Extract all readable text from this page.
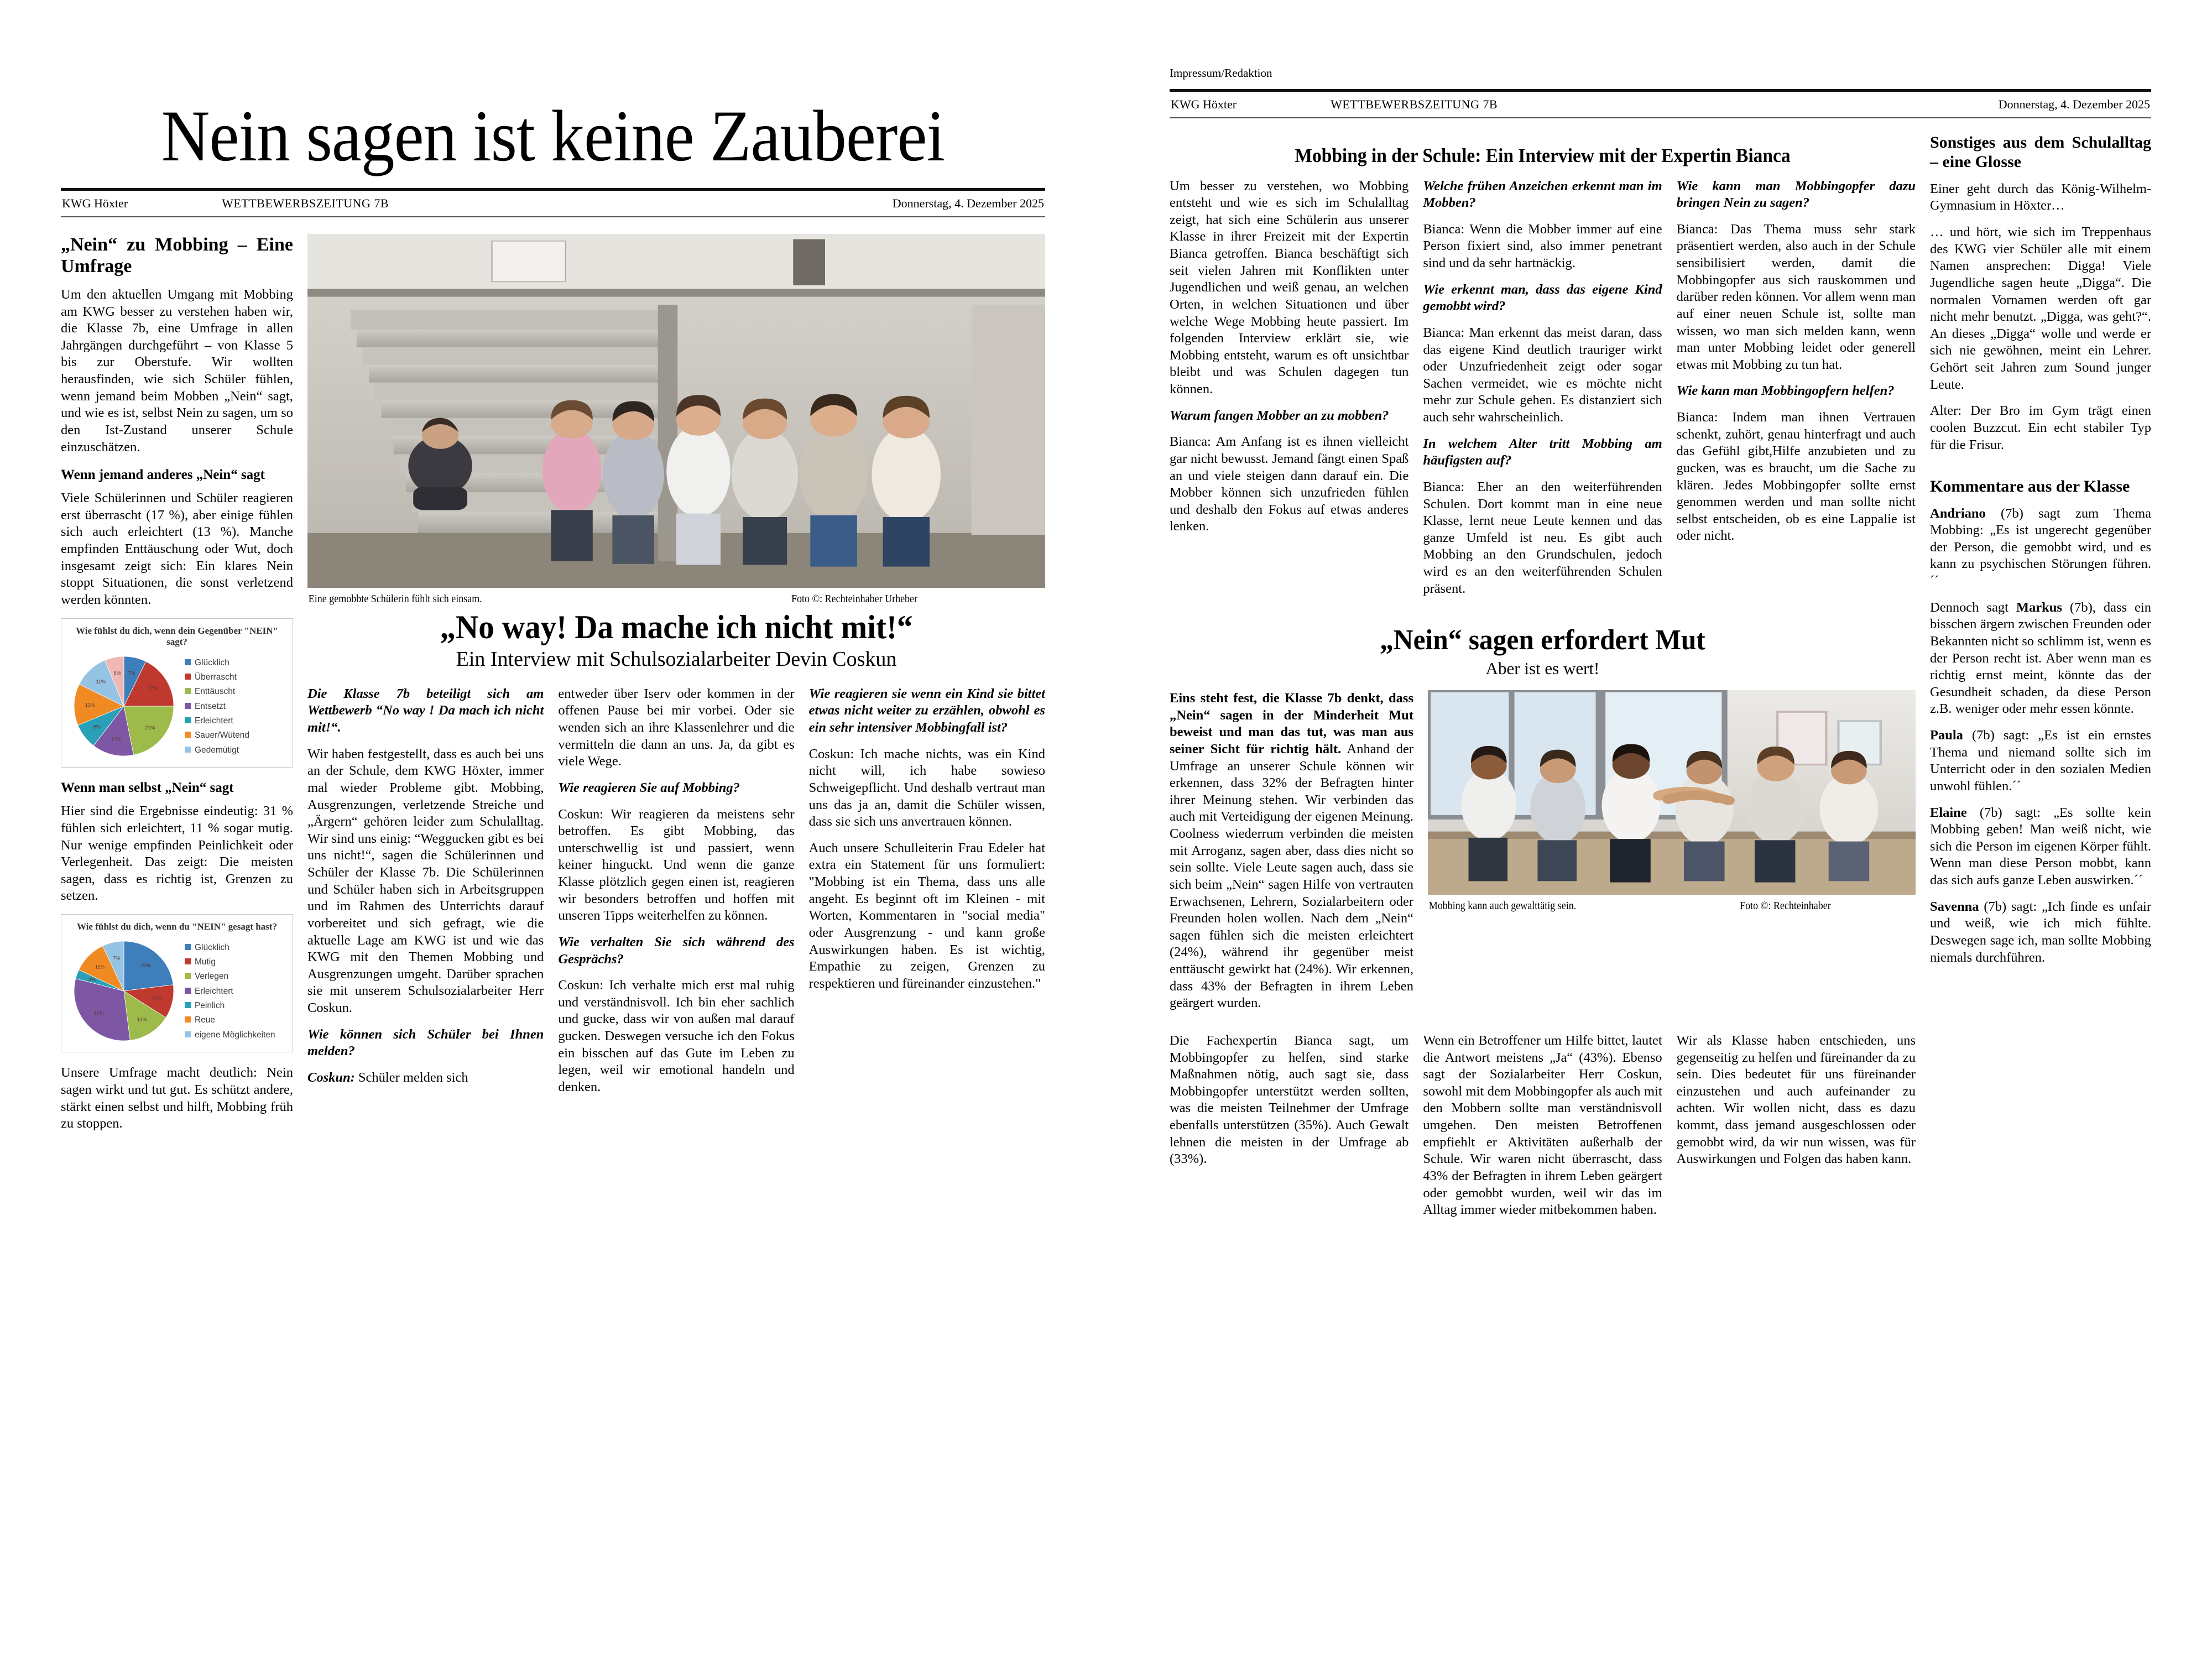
Nein sagen ist keine Zauberei
KWG Höxter	WETTBEWERBSZEITUNG 7B	Donnerstag, 4. Dezember 2025
„Nein“ zu Mobbing – Eine Umfrage

Um den aktuellen Umgang mit Mobbing am KWG besser zu verstehen haben wir, die Klasse 7b, eine Umfrage in allen Jahrgängen durchgeführt – von Klasse 5 bis zur Oberstufe. Wir wollten herausfinden, wie sich Schüler fühlen, wenn jemand beim Mobben „Nein“ sagt, und wie es ist, selbst Nein zu sagen, um so den Ist-Zustand unserer Schule einzuschätzen.

Wenn jemand anderes „Nein“ sagt

Viele Schülerinnen und Schüler reagieren erst überrascht (17 %), aber einige fühlen sich auch erleichtert (13 %). Manche empfinden Enttäuschung oder Wut, doch insgesamt zeigt sich: Ein klares Nein stoppt Situationen, die sonst verletzend werden könnten.

Wie fühlst du dich, wenn dein Gegenüber "NEIN" sagt?
7%
17%
21%
13%
8%
13%
11%
6%
Glücklich
Überrascht
Enttäuscht
Entsetzt
Erleichtert
Sauer/Wütend
Gedemütigt
Wenn man selbst „Nein“ sagt

Hier sind die Ergebnisse eindeutig: 31 % fühlen sich erleichtert, 11 % sogar mutig. Nur wenige empfinden Peinlichkeit oder Verlegenheit. Das zeigt: Die meisten sagen, dass es richtig ist, Grenzen zu setzen.

Wie fühlst du dich, wenn du "NEIN" gesagt hast?
23%
11%
14%
31%
3%
11%
7%
Glücklich
Mutig
Verlegen
Erleichtert
Peinlich
Reue
eigene Möglichkeiten

Unsere Umfrage macht deutlich: Nein sagen wirkt und tut gut. Es schützt andere, stärkt einen selbst und hilft, Mobbing früh zu stoppen.

Eine gemobbte Schülerin fühlt sich einsam.	Foto ©: Rechteinhaber Urheber
„No way! Da mache ich nicht mit!“
Ein Interview mit Schulsozialarbeiter Devin Coskun

Die Klasse 7b beteiligt sich am Wettbewerb “No way ! Da mach ich nicht mit!“.

Wir haben festgestellt, dass es auch bei uns an der Schule, dem KWG Höxter, immer mal wieder Probleme gibt. Mobbing, Ausgrenzungen, verletzende Streiche und „Ärgern“ gehören leider zum Schulalltag. Wir sind uns einig: “Weggucken gibt es bei uns nicht!“, sagen die Schülerinnen und Schüler der Klasse 7b. Die Schülerinnen und Schüler haben sich in Arbeitsgruppen und im Rahmen des Unterrichts darauf vorbereitet und sich gefragt, wie die aktuelle Lage am KWG ist und wie das KWG mit den Themen Mobbing und Ausgrenzungen umgeht. Darüber sprachen sie mit unserem Schulsozialarbeiter Herr Coskun.

Wie können sich Schüler bei Ihnen melden?

Coskun: Schüler melden sich

entweder über Iserv oder kommen in der offenen Pause bei mir vorbei. Oder sie wenden sich an ihre Klassenlehrer und die vermitteln die dann an uns. Ja, da gibt es viele Wege.

Wie reagieren Sie auf Mobbing?

Coskun: Wir reagieren da meistens sehr betroffen. Es gibt Mobbing, das unterschwellig ist und passiert, wenn keiner hinguckt. Und wenn die ganze Klasse plötzlich gegen einen ist, reagieren wir besonders betroffen und hoffen mit unseren Tipps weiterhelfen zu können.

Wie verhalten Sie sich während des Gesprächs?

Coskun: Ich verhalte mich erst mal ruhig und verständnisvoll. Ich bin eher sachlich und gucke, dass wir von außen mal darauf gucken. Deswegen versuche ich den Fokus ein bisschen auf das Gute im Leben zu legen, weil wir emotional handeln und denken.

Wie reagieren sie wenn ein Kind sie bittet etwas nicht weiter zu erzählen, obwohl es ein sehr intensiver Mobbingfall ist?

Coskun: Ich mache nichts, was ein Kind nicht will, ich habe sowieso Schweigepflicht. Und deshalb vertraut man uns das ja an, damit die Schüler wissen, dass sie sich uns anvertrauen können.

Auch unsere Schulleiterin Frau Edeler hat extra ein Statement für uns formuliert: "Mobbing ist ein Thema, dass uns alle angeht. Es beginnt oft im Kleinen - mit Worten, Kommentaren in "social media" oder Ausgrenzung - und kann große Auswirkungen haben. Es ist wichtig, Empathie zu zeigen, Grenzen zu respektieren und füreinander einzustehen."

Impressum/Redaktion
KWG Höxter	WETTBEWERBSZEITUNG 7B	Donnerstag, 4. Dezember 2025
Mobbing in der Schule: Ein Interview mit der Expertin Bianca

Um besser zu verstehen, wo Mobbing entsteht und wie es sich im Schulalltag zeigt, hat sich eine Schülerin aus unserer Klasse in ihrer Freizeit mit der Expertin Bianca getroffen. Bianca beschäftigt sich seit vielen Jahren mit Konflikten unter Jugendlichen und weiß genau, an welchen Orten, in welchen Situationen und über welche Wege Mobbing heute passiert. Im folgenden Interview erklärt sie, wie Mobbing entsteht, warum es oft unsichtbar bleibt und was Schulen dagegen tun können.

Warum fangen Mobber an zu mobben?

Bianca: Am Anfang ist es ihnen vielleicht gar nicht bewusst. Jemand fängt einen Spaß an und viele steigen dann darauf ein. Die Mobber können sich unzufrieden fühlen und deshalb den Fokus auf etwas anderes lenken.

Welche frühen Anzeichen erkennt man im Mobben?

Bianca: Wenn die Mobber immer auf eine Person fixiert sind, also immer penetrant sind und da sehr hartnäckig.

Wie erkennt man, dass das eigene Kind gemobbt wird?

Bianca: Man erkennt das meist daran, dass das eigene Kind deutlich trauriger wirkt oder Unzufriedenheit zeigt oder sogar Sachen vermeidet, wie es möchte nicht mehr zur Schule gehen. Es distanziert sich auch sehr wahrscheinlich.

In welchem Alter tritt Mobbing am häufigsten auf?

Bianca: Eher an den weiterführenden Schulen. Dort kommt man in eine neue Klasse, lernt neue Leute kennen und das ganze Umfeld ist neu. Es gibt auch Mobbing an den Grundschulen, jedoch wird es an den weiterführenden Schulen präsent.

Wie kann man Mobbingopfer dazu bringen Nein zu sagen?

Bianca: Das Thema muss sehr stark präsentiert werden, also auch in der Schule sensibilisiert werden, damit die Mobbingopfer aus sich rauskommen und darüber reden können. Vor allem wenn man auf einer neuen Schule ist, sollte man wissen, wo man sich melden kann, wenn man unter Mobbing leidet oder generell etwas mit Mobbing zu tun hat.

Wie kann man Mobbingopfern helfen?

Bianca: Indem man ihnen Vertrauen schenkt, zuhört, genau hinterfragt und auch das Gefühl gibt,Hilfe anzubieten und zu gucken, was es braucht, um die Sache zu klären. Jedes Mobbingopfer sollte ernst genommen werden und man sollte nicht selbst entscheiden, ob es eine Lappalie ist oder nicht.

„Nein“ sagen erfordert Mut
Aber ist es wert!

Eins steht fest, die Klasse 7b denkt, dass „Nein“ sagen in der Minderheit Mut beweist und man das tut, was man aus seiner Sicht für richtig hält. Anhand der Umfrage an unserer Schule können wir erkennen, dass 32% der Befragten hinter ihrer Meinung stehen. Wir verbinden das auch mit Verteidigung der eigenen Meinung. Coolness wiederrum verbinden die meisten mit Arroganz, sagen aber, dass dies nicht so sein sollte. Viele Leute sagen auch, dass sie sich beim „Nein“ sagen Hilfe von vertrauten Erwachsenen, Lehrern, Sozialarbeitern oder Freunden holen wollen. Nach dem „Nein“ sagen fühlen sich die meisten erleichtert (24%), während ihr gegenüber meist enttäuscht gewirkt hat (24%). Wir erkennen, dass 43% der Befragten in ihrem Leben geärgert wurden.

Mobbing kann auch gewalttätig sein.	Foto ©: Rechteinhaber

Die Fachexpertin Bianca sagt, um Mobbingopfer zu helfen, sind starke Maßnahmen nötig, auch sagt sie, dass Mobbingopfer unterstützt werden sollten, was die meisten Teilnehmer der Umfrage ebenfalls unterstützen (35%). Auch Gewalt lehnen die meisten in der Umfrage ab (33%).

Wenn ein Betroffener um Hilfe bittet, lautet die Antwort meistens „Ja“ (43%). Ebenso sagt der Sozialarbeiter Herr Coskun, sowohl mit dem Mobbingopfer als auch mit den Mobbern sollte man verständnisvoll umgehen. Den meisten Betroffenen empfiehlt er Aktivitäten außerhalb der Schule. Wir waren nicht überrascht, dass 43% der Befragten in ihrem Leben geärgert oder gemobbt wurden, weil wir das im Alltag immer wieder mitbekommen haben.

Wir als Klasse haben entschieden, uns gegenseitig zu helfen und füreinander da zu sein. Dies bedeutet für uns füreinander einzustehen und auch aufeinander zu achten. Wir wollen nicht, dass es dazu kommt, dass jemand ausgeschlossen oder gemobbt wird, da wir nun wissen, was für Auswirkungen und Folgen das haben kann.

Sonstiges aus dem Schulalltag – eine Glosse

Einer geht durch das König-Wilhelm-Gymnasium in Höxter…

… und hört, wie sich im Treppenhaus des KWG vier Schüler alle mit einem Namen ansprechen: Digga! Viele Jugendliche sagen heute „Digga“. Die normalen Vornamen werden oft gar nicht mehr benutzt. „Digga, was geht?“. An dieses „Digga“ wolle und werde er sich nie gewöhnen, meint ein Lehrer. Gehört seit Jahren zum Sound junger Leute.

Alter: Der Bro im Gym trägt einen coolen Buzzcut. Ein echt stabiler Typ für die Frisur.

Kommentare aus der Klasse

Andriano (7b) sagt zum Thema Mobbing: „Es ist ungerecht gegenüber der Person, die gemobbt wird, und es kann zu psychischen Störungen führen.´´

Dennoch sagt Markus (7b), dass ein bisschen ärgern zwischen Freunden oder Bekannten nicht so schlimm ist, wenn es der Person recht ist. Aber wenn man es richtig ernst meint, könnte das der Gesundheit schaden, da diese Person z.B. weniger oder mehr essen könnte.

Paula (7b) sagt: „Es ist ein ernstes Thema und niemand sollte sich im Unterricht oder in den sozialen Medien unwohl fühlen.´´

Elaine (7b) sagt: „Es sollte kein Mobbing geben! Man weiß nicht, wie sich die Person im eigenen Körper fühlt. Wenn man diese Person mobbt, kann das sich aufs ganze Leben auswirken.´´

Savenna (7b) sagt: „Ich finde es unfair und weiß, wie ich mich fühlte. Deswegen sage ich, man sollte Mobbing niemals durchführen.
